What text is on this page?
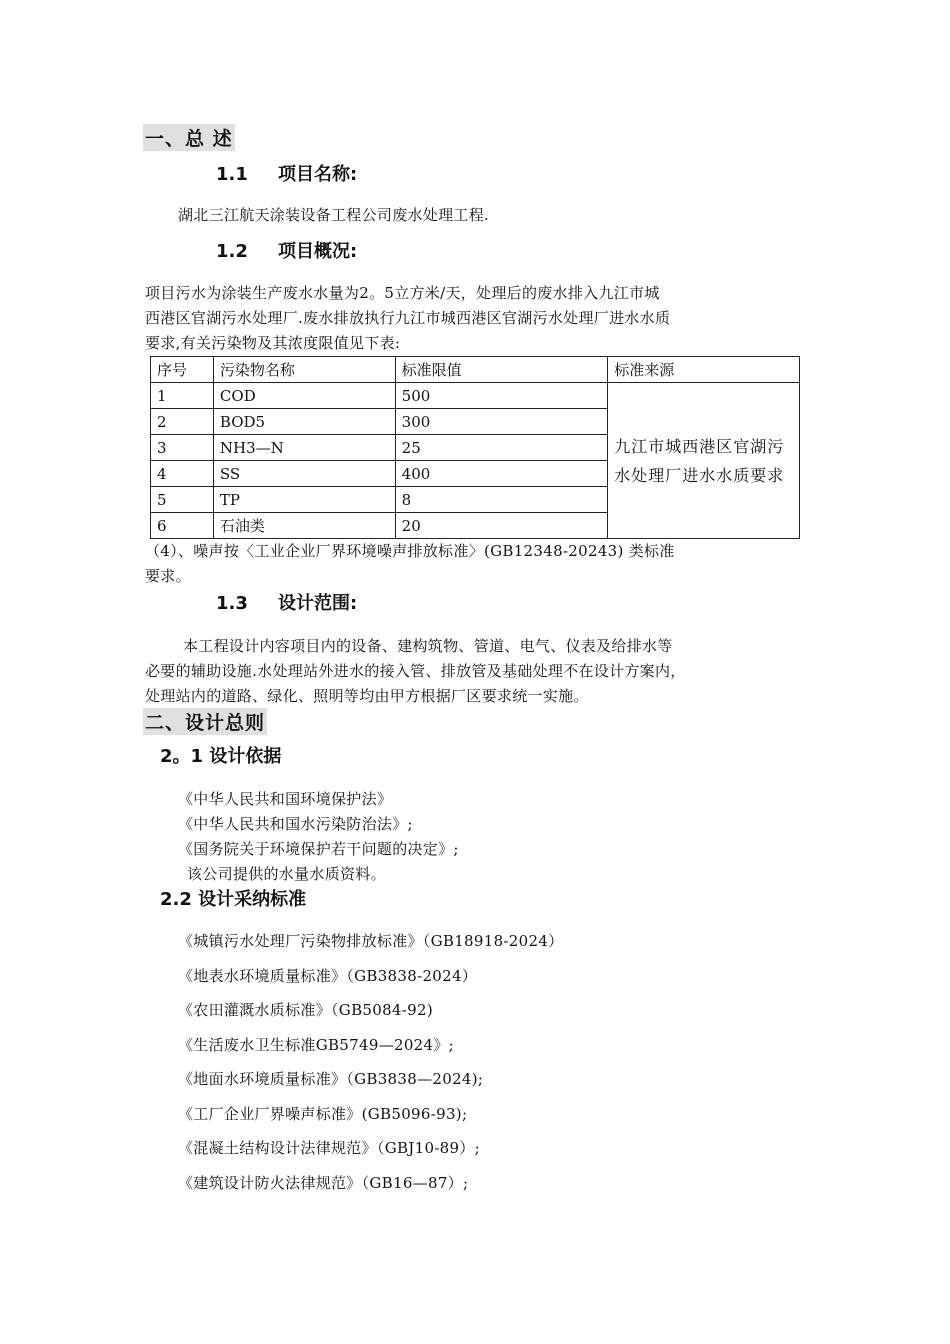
一、总 述
1.1 项目名称:
湖北三江航天涂装设备工程公司废水处理工程.
1.2 项目概况:
项目污水为涂装生产废水水量为2。5立方米/天，处理后的废水排入九江市城
西港区官湖污水处理厂.废水排放执行九江市城西港区官湖污水处理厂进水水质
要求,有关污染物及其浓度限值见下表:
序号	污染物名称	标准限值	标准来源
1	COD	500	九江市城西港区官湖污水处理厂进水水质要求
2	BOD5	300	
3	NH3—N	25	
4	SS	400	
5	TP	8	
6	石油类	20	
（4）、噪声按〈工业企业厂界环境噪声排放标准〉(GB12348-20243) 类标准
要求。
1.3 设计范围:
本工程设计内容项目内的设备、建构筑物、管道、电气、仪表及给排水等
必要的辅助设施.水处理站外进水的接入管、排放管及基础处理不在设计方案内，
处理站内的道路、绿化、照明等均由甲方根据厂区要求统一实施。
二、设计总则
2。1 设计依据
《中华人民共和国环境保护法》
《中华人民共和国水污染防治法》;
《国务院关于环境保护若干问题的决定》;
该公司提供的水量水质资料。
2.2 设计采纳标准
《城镇污水处理厂污染物排放标准》（GB18918-2024）
《地表水环境质量标准》（GB3838-2024）
《农田灌溉水质标准》（GB5084-92)
《生活废水卫生标准GB5749—2024》;
《地面水环境质量标准》（GB3838—2024);
《工厂企业厂界噪声标准》(GB5096-93);
《混凝土结构设计法律规范》（GBJ10-89）;
《建筑设计防火法律规范》（GB16—87）;
